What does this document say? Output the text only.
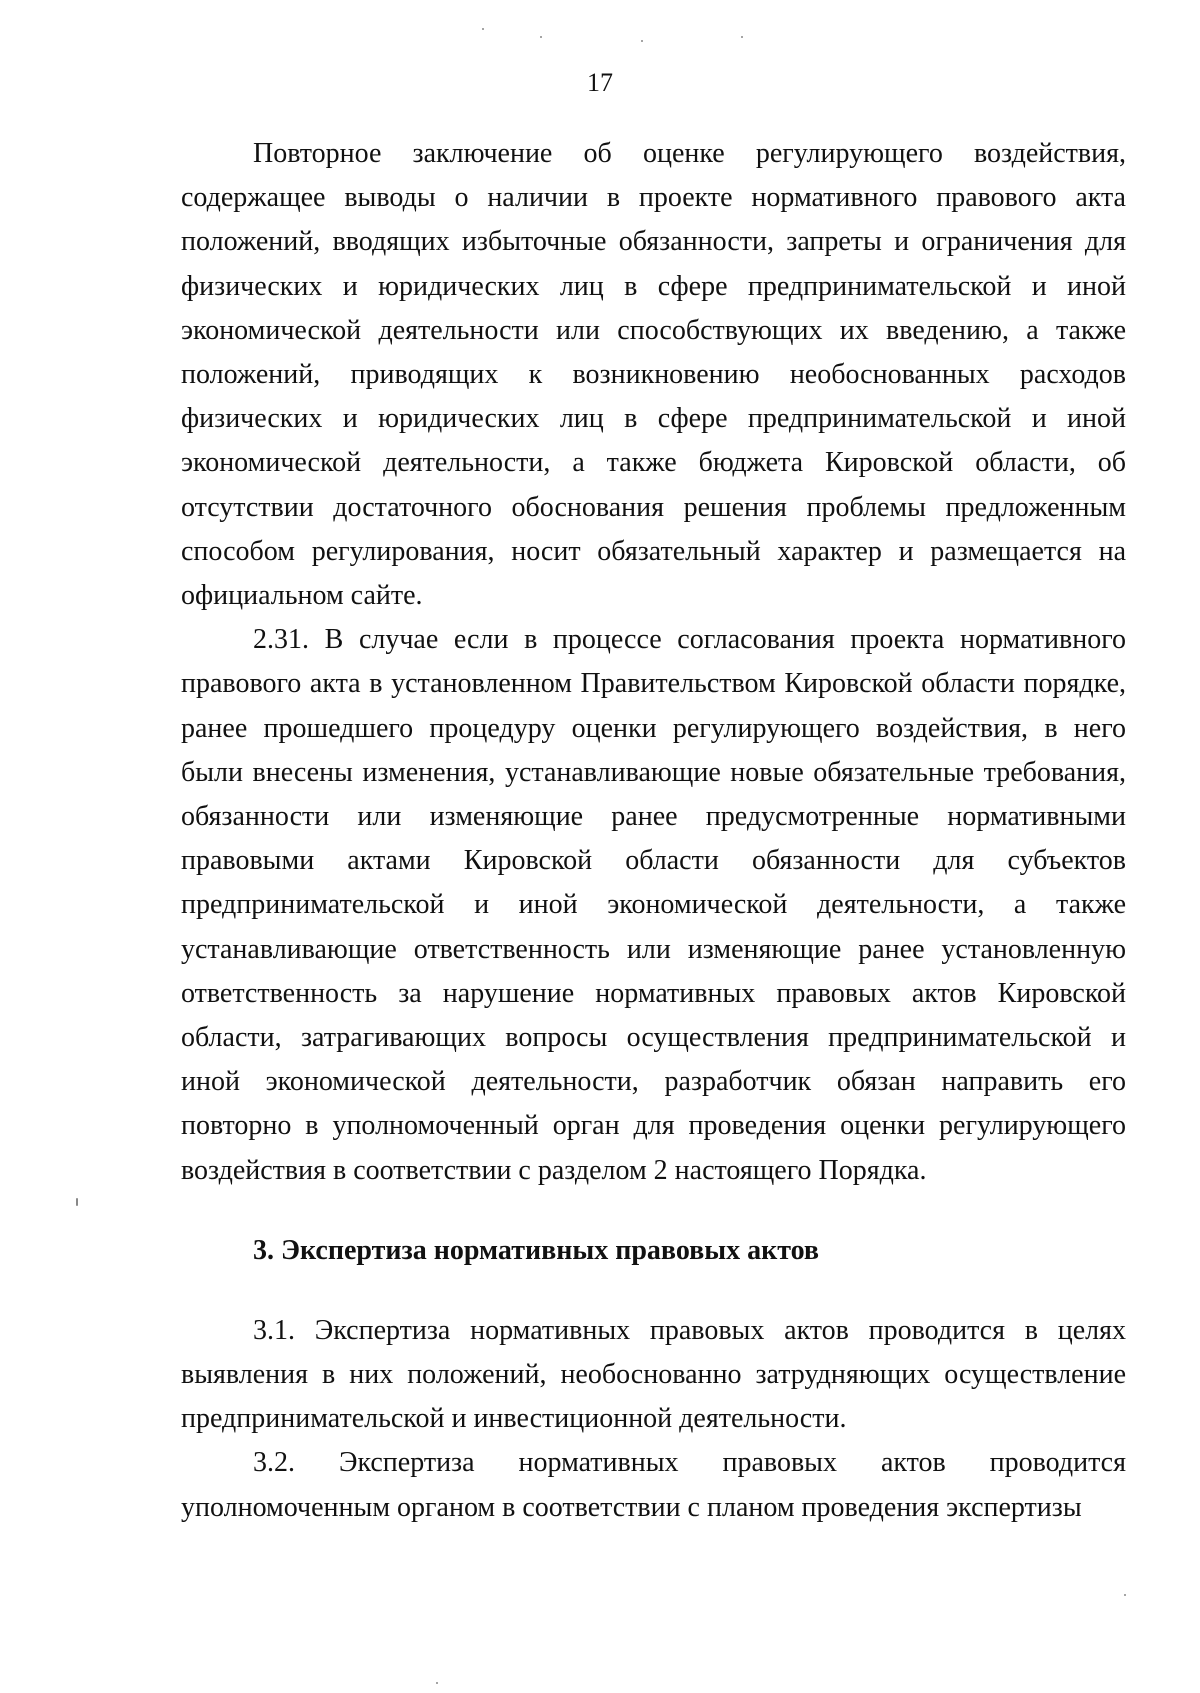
17

Повторное заключение об оценке регулирующего воздействия, содержащее выводы о наличии в проекте нормативного правового акта положений, вводящих избыточные обязанности, запреты и ограничения для физических и юридических лиц в сфере предпринимательской и иной экономической деятельности или способствующих их введению, а также положений, приводящих к возникновению необоснованных расходов физических и юридических лиц в сфере предпринимательской и иной экономической деятельности, а также бюджета Кировской области, об отсутствии достаточного обоснования решения проблемы предложенным способом регулирования, носит обязательный характер и размещается на официальном сайте.

2.31. В случае если в процессе согласования проекта нормативного правового акта в установленном Правительством Кировской области порядке, ранее прошедшего процедуру оценки регулирующего воздействия, в него были внесены изменения, устанавливающие новые обязательные требования, обязанности или изменяющие ранее предусмотренные нормативными правовыми актами Кировской области обязанности для субъектов предпринимательской и иной экономической деятельности, а также устанавливающие ответственность или изменяющие ранее установленную ответственность за нарушение нормативных правовых актов Кировской области, затрагивающих вопросы осуществления предпринимательской и иной экономической деятельности, разработчик обязан направить его повторно в уполномоченный орган для проведения оценки регулирующего воздействия в соответствии с разделом 2 настоящего Порядка.

3. Экспертиза нормативных правовых актов

3.1. Экспертиза нормативных правовых актов проводится в целях выявления в них положений, необоснованно затрудняющих осуществление предпринимательской и инвестиционной деятельности.

3.2. Экспертиза нормативных правовых актов проводится уполномоченным органом в соответствии с планом проведения экспертизы
